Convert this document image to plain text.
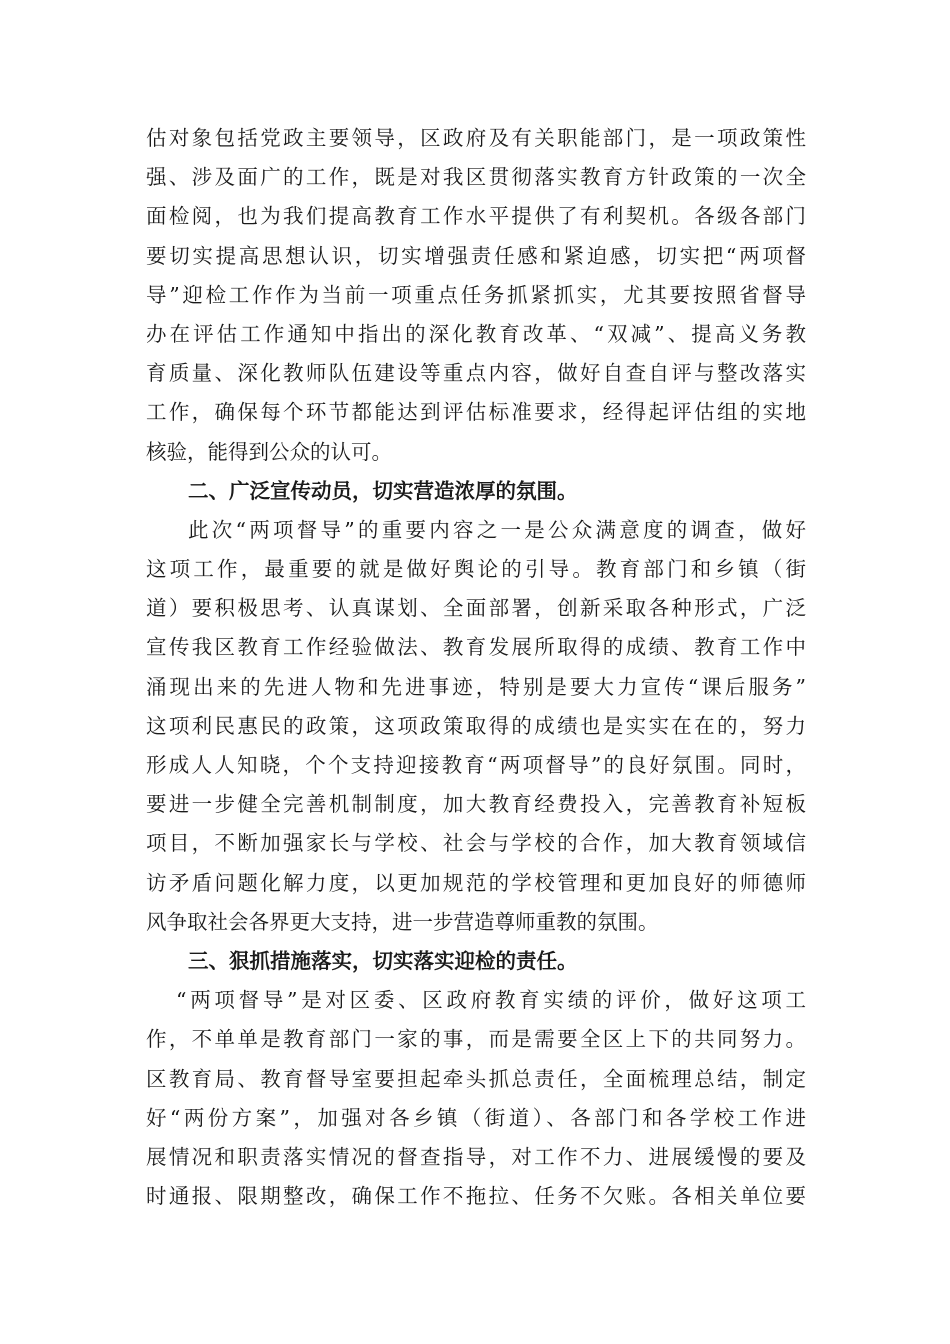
估对象包括党政主要领导，区政府及有关职能部门，是一项政策性
强、涉及面广的工作，既是对我区贯彻落实教育方针政策的一次全
面检阅，也为我们提高教育工作水平提供了有利契机。各级各部门
要切实提高思想认识，切实增强责任感和紧迫感，切实把“两项督
导”迎检工作作为当前一项重点任务抓紧抓实，尤其要按照省督导
办在评估工作通知中指出的深化教育改革、“双减”、提高义务教
育质量、深化教师队伍建设等重点内容，做好自查自评与整改落实
工作，确保每个环节都能达到评估标准要求，经得起评估组的实地
核验，能得到公众的认可。
二、广泛宣传动员，切实营造浓厚的氛围。
此次“两项督导”的重要内容之一是公众满意度的调查，做好
这项工作，最重要的就是做好舆论的引导。教育部门和乡镇（街
道）要积极思考、认真谋划、全面部署，创新采取各种形式，广泛
宣传我区教育工作经验做法、教育发展所取得的成绩、教育工作中
涌现出来的先进人物和先进事迹，特别是要大力宣传“课后服务”
这项利民惠民的政策，这项政策取得的成绩也是实实在在的，努力
形成人人知晓，个个支持迎接教育“两项督导”的良好氛围。同时，
要进一步健全完善机制制度，加大教育经费投入，完善教育补短板
项目，不断加强家长与学校、社会与学校的合作，加大教育领域信
访矛盾问题化解力度，以更加规范的学校管理和更加良好的师德师
风争取社会各界更大支持，进一步营造尊师重教的氛围。
三、狠抓措施落实，切实落实迎检的责任。
“两项督导”是对区委、区政府教育实绩的评价，做好这项工
作，不单单是教育部门一家的事，而是需要全区上下的共同努力。
区教育局、教育督导室要担起牵头抓总责任，全面梳理总结，制定
好“两份方案”，加强对各乡镇（街道）、各部门和各学校工作进
展情况和职责落实情况的督查指导，对工作不力、进展缓慢的要及
时通报、限期整改，确保工作不拖拉、任务不欠账。各相关单位要
